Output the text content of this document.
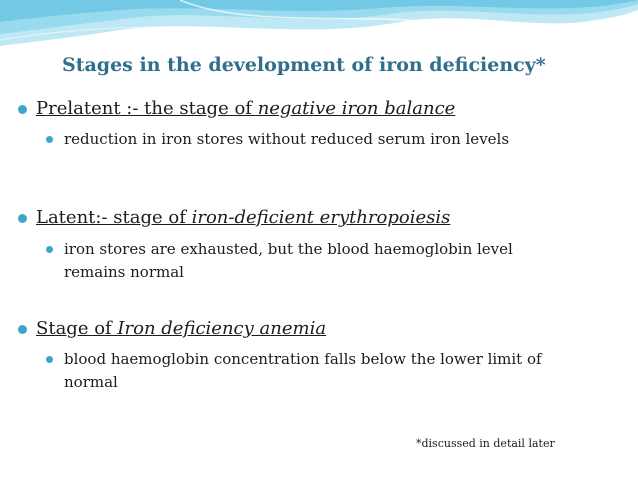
Stages in the development of iron deficiency*
Prelatent :- the stage of negative iron balance
reduction in iron stores without reduced serum iron levels
Latent:- stage of iron-deficient erythropoiesis
iron stores are exhausted, but the blood haemoglobin level remains normal
Stage of Iron deficiency anemia
blood haemoglobin concentration falls below the lower limit of normal
*discussed in detail later
